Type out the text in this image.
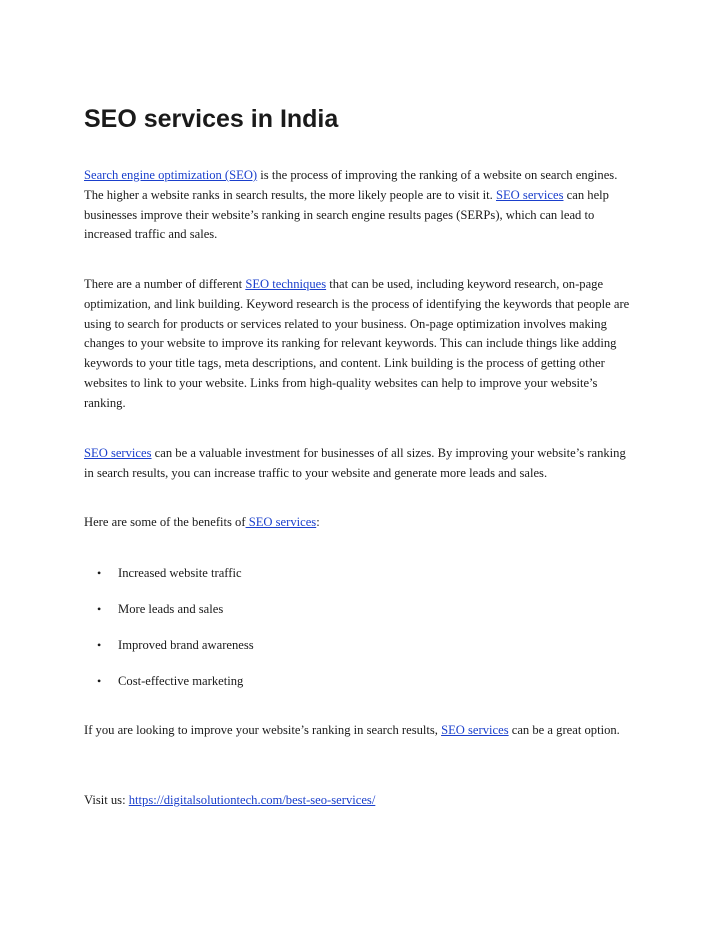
SEO services in India

Search engine optimization (SEO) is the process of improving the ranking of a website on search engines. The higher a website ranks in search results, the more likely people are to visit it. SEO services can help businesses improve their website’s ranking in search engine results pages (SERPs), which can lead to increased traffic and sales.

There are a number of different SEO techniques that can be used, including keyword research, on-page optimization, and link building. Keyword research is the process of identifying the keywords that people are using to search for products or services related to your business. On-page optimization involves making changes to your website to improve its ranking for relevant keywords. This can include things like adding keywords to your title tags, meta descriptions, and content. Link building is the process of getting other websites to link to your website. Links from high-quality websites can help to improve your website’s ranking.

SEO services can be a valuable investment for businesses of all sizes. By improving your website’s ranking in search results, you can increase traffic to your website and generate more leads and sales.

Here are some of the benefits of SEO services:

• Increased website traffic
• More leads and sales
• Improved brand awareness
• Cost-effective marketing

If you are looking to improve your website’s ranking in search results, SEO services can be a great option.

Visit us: https://digitalsolutiontech.com/best-seo-services/
